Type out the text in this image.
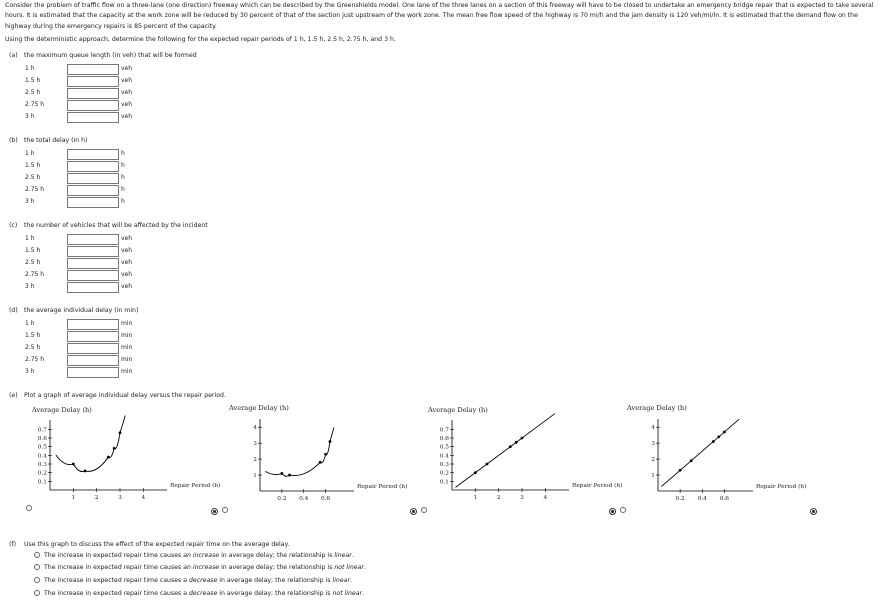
Consider the problem of traffic flow on a three-lane (one direction) freeway which can be described by the Greenshields model. One lane of the three lanes on a section of this freeway will have to be closed to undertake an emergency bridge repair that is expected to take several hours. It is estimated that the capacity at the work zone will be reduced by 30 percent of that of the section just upstream of the work zone. The mean free flow speed of the highway is 70 mi/h and the jam density is 120 veh/mi/ln. It is estimated that the demand flow on the highway during the emergency repairs is 85 percent of the capacity.
Using the deterministic approach, determine the following for the expected repair periods of 1 h, 1.5 h, 2.5 h, 2.75 h, and 3 h.
(a) the maximum queue length (in veh) that will be formed
1 h	veh
1.5 h	veh
2.5 h	veh
2.75 h	veh
3 h	veh
(b) the total delay (in h)
1 h	h
1.5 h	h
2.5 h	h
2.75 h	h
3 h	h
(c) the number of vehicles that will be affected by the incident
1 h	veh
1.5 h	veh
2.5 h	veh
2.75 h	veh
3 h	veh
(d) the average individual delay (in min)
1 h	min
1.5 h	min
2.5 h	min
2.75 h	min
3 h	min
(e) Plot a graph of average individual delay versus the repair period.
Average Delay (h)	Average Delay (h)	Average Delay (h)	Average Delay (h)
0.7
0.6
0.5
0.4
0.3
0.2
0.1
1	2	3	4
Repair Period (h)
4
3
2
1
0.2 0.4 0.6
Repair Period (h)
0.7
0.6
0.5
0.4
0.3
0.2
0.1
1	2	3	4
Repair Period (h)
4
3
2
1
0.2 0.4 0.6
Repair Period (h)
(f) Use this graph to discuss the effect of the expected repair time on the average delay.
The increase in expected repair time causes an increase in average delay; the relationship is linear.
The increase in expected repair time causes an increase in average delay; the relationship is not linear.
The increase in expected repair time causes a decrease in average delay; the relationship is linear.
The increase in expected repair time causes a decrease in average delay; the relationship is not linear.
